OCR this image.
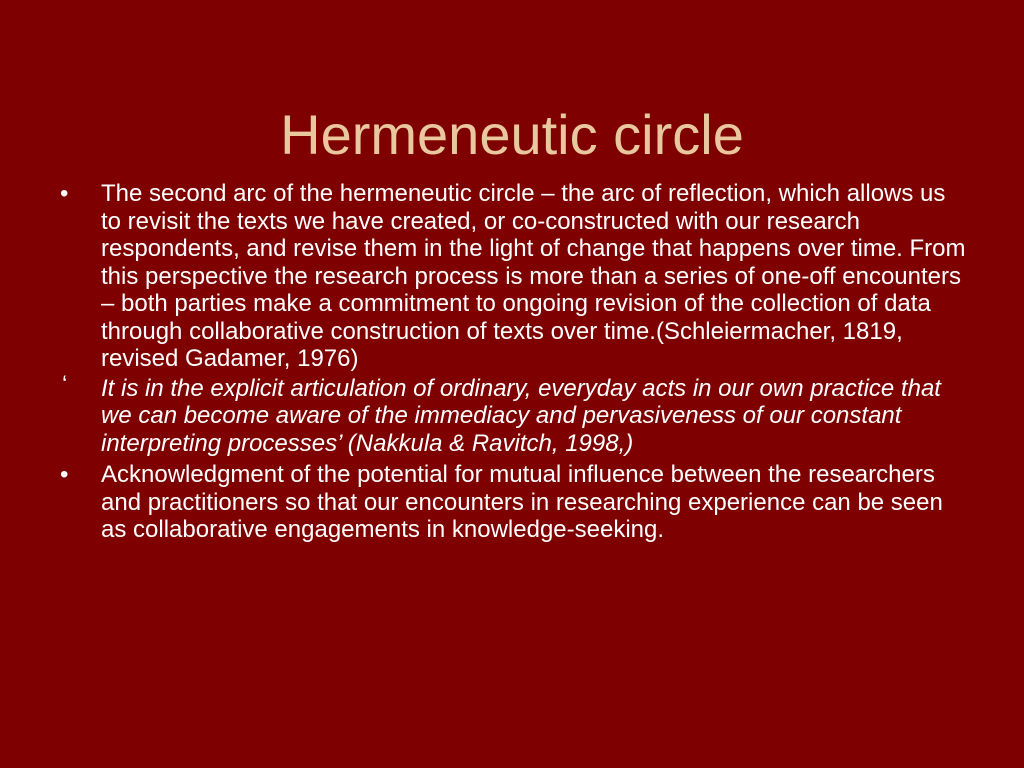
Hermeneutic circle

• The second arc of the hermeneutic circle – the arc of reflection, which allows us to revisit the texts we have created, or co-constructed with our research respondents, and revise them in the light of change that happens over time. From this perspective the research process is more than a series of one-off encounters – both parties make a commitment to ongoing revision of the collection of data through collaborative construction of texts over time.(Schleiermacher, 1819, revised Gadamer, 1976)

‘ It is in the explicit articulation of ordinary, everyday acts in our own practice that we can become aware of the immediacy and pervasiveness of our constant interpreting processes’ (Nakkula & Ravitch, 1998,)

• Acknowledgment of the potential for mutual influence between the researchers and practitioners so that our encounters in researching experience can be seen as collaborative engagements in knowledge-seeking.
